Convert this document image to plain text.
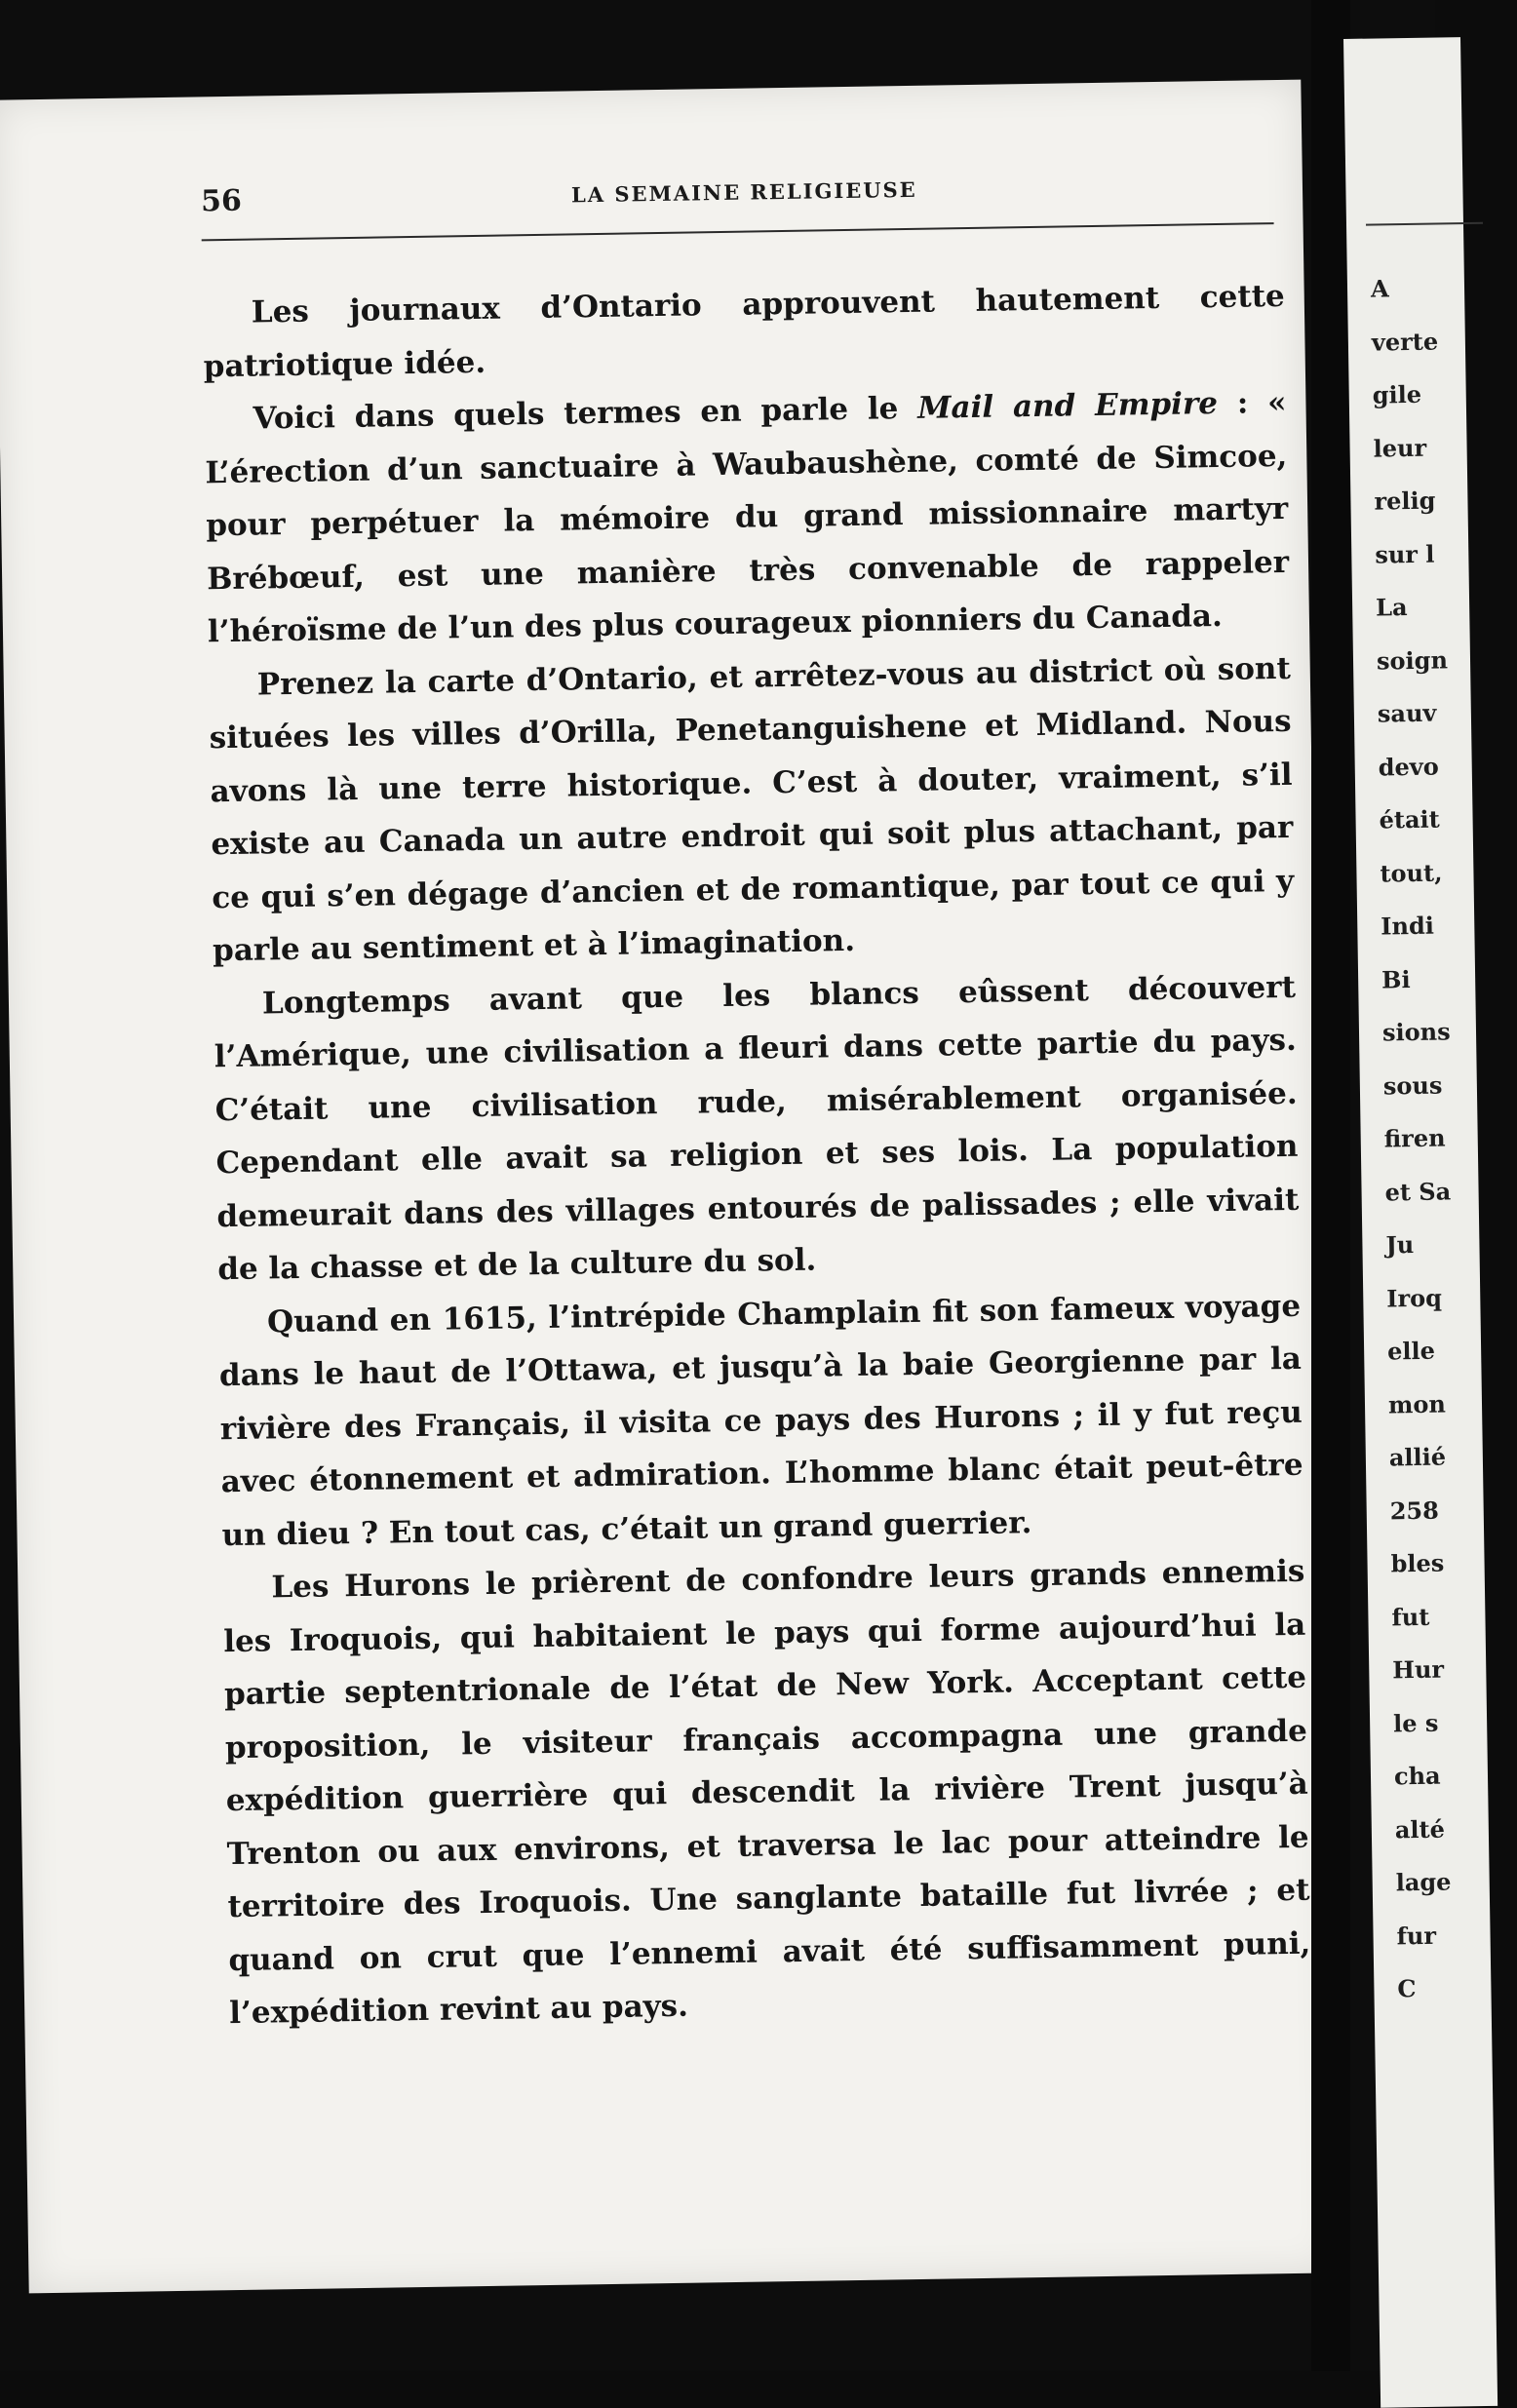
56	LA SEMAINE RELIGIEUSE

Les journaux d’Ontario approuvent hautement cette patriotique idée.

Voici dans quels termes en parle le Mail and Empire : « L’érection d’un sanctuaire à Waubaushène, comté de Simcoe, pour perpétuer la mémoire du grand missionnaire martyr Brébœuf, est une manière très convenable de rappeler l’héroïsme de l’un des plus courageux pionniers du Canada.

Prenez la carte d’Ontario, et arrêtez-vous au district où sont situées les villes d’Orilla, Penetanguishene et Midland. Nous avons là une terre historique. C’est à douter, vraiment, s’il existe au Canada un autre endroit qui soit plus attachant, par ce qui s’en dégage d’ancien et de romantique, par tout ce qui y parle au sentiment et à l’imagination.

Longtemps avant que les blancs eûssent découvert l’Amérique, une civilisation a fleuri dans cette partie du pays. C’était une civilisation rude, misérablement organisée. Cependant elle avait sa religion et ses lois. La population demeurait dans des villages entourés de palissades ; elle vivait de la chasse et de la culture du sol.

Quand en 1615, l’intrépide Champlain fit son fameux voyage dans le haut de l’Ottawa, et jusqu’à la baie Georgienne par la rivière des Français, il visita ce pays des Hurons ; il y fut reçu avec étonnement et admiration. L’homme blanc était peut-être un dieu ? En tout cas, c’était un grand guerrier.

Les Hurons le prièrent de confondre leurs grands ennemis les Iroquois, qui habitaient le pays qui forme aujourd’hui la partie septentrionale de l’état de New York. Acceptant cette proposition, le visiteur français accompagna une grande expédition guerrière qui descendit la rivière Trent jusqu’à Trenton ou aux environs, et traversa le lac pour atteindre le territoire des Iroquois. Une sanglante bataille fut livrée ; et quand on crut que l’ennemi avait été suffisamment puni, l’expédition revint au pays.

A
verte
gile
leur
relig
sur l
La
soign
sauv
devo
était
tout,
Indi
Bi
sions
sous
firen
et Sa
Ju
Iroq
elle
mon
allié
258
bles
fut
Hur
le s
cha
alté
lage
fur
C
